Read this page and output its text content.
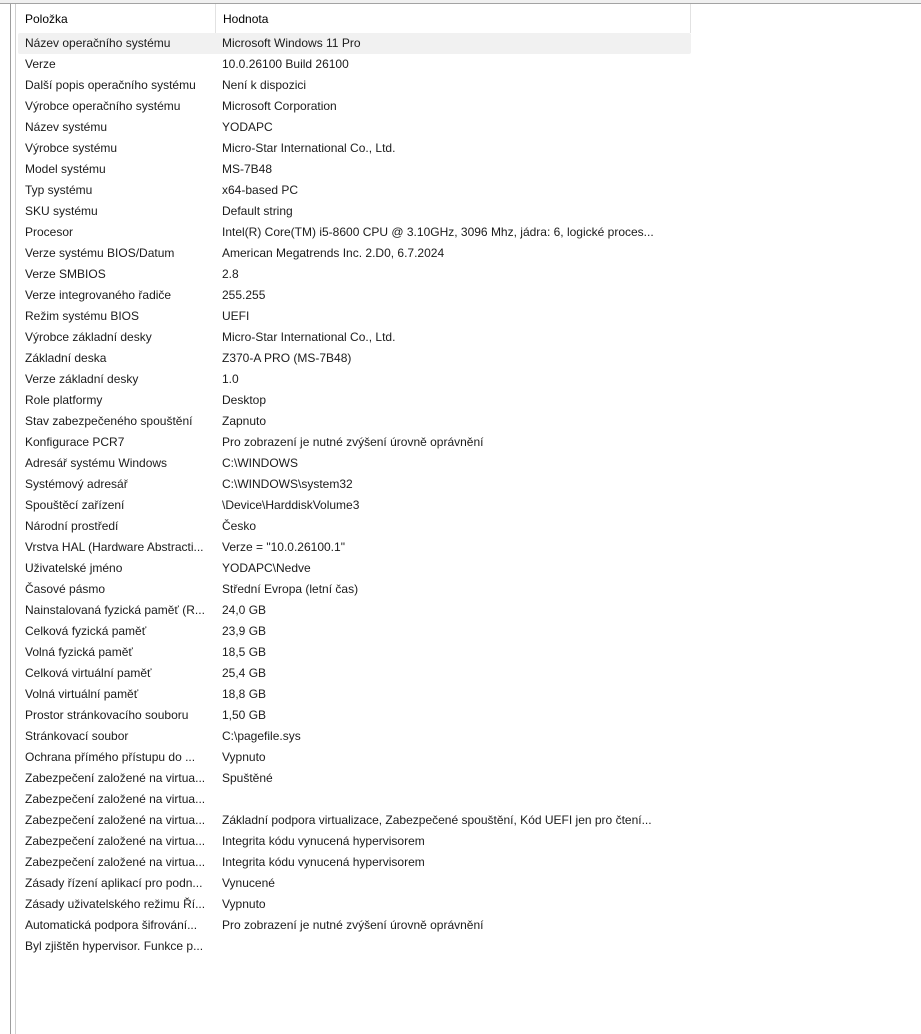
Položka	Hodnota
Název operačního systému	Microsoft Windows 11 Pro
Verze	10.0.26100 Build 26100
Další popis operačního systému	Není k dispozici
Výrobce operačního systému	Microsoft Corporation
Název systému	YODAPC
Výrobce systému	Micro-Star International Co., Ltd.
Model systému	MS-7B48
Typ systému	x64-based PC
SKU systému	Default string
Procesor	Intel(R) Core(TM) i5-8600 CPU @ 3.10GHz, 3096 Mhz, jádra: 6, logické proces...
Verze systému BIOS/Datum	American Megatrends Inc. 2.D0, 6.7.2024
Verze SMBIOS	2.8
Verze integrovaného řadiče	255.255
Režim systému BIOS	UEFI
Výrobce základní desky	Micro-Star International Co., Ltd.
Základní deska	Z370-A PRO (MS-7B48)
Verze základní desky	1.0
Role platformy	Desktop
Stav zabezpečeného spouštění	Zapnuto
Konfigurace PCR7	Pro zobrazení je nutné zvýšení úrovně oprávnění
Adresář systému Windows	C:\WINDOWS
Systémový adresář	C:\WINDOWS\system32
Spouštěcí zařízení	\Device\HarddiskVolume3
Národní prostředí	Česko
Vrstva HAL (Hardware Abstracti...	Verze = "10.0.26100.1"
Uživatelské jméno	YODAPC\Nedve
Časové pásmo	Střední Evropa (letní čas)
Nainstalovaná fyzická paměť (R...	24,0 GB
Celková fyzická paměť	23,9 GB
Volná fyzická paměť	18,5 GB
Celková virtuální paměť	25,4 GB
Volná virtuální paměť	18,8 GB
Prostor stránkovacího souboru	1,50 GB
Stránkovací soubor	C:\pagefile.sys
Ochrana přímého přístupu do ...	Vypnuto
Zabezpečení založené na virtua...	Spuštěné
Zabezpečení založené na virtua...
Zabezpečení založené na virtua...	Základní podpora virtualizace, Zabezpečené spouštění, Kód UEFI jen pro čtení...
Zabezpečení založené na virtua...	Integrita kódu vynucená hypervisorem
Zabezpečení založené na virtua...	Integrita kódu vynucená hypervisorem
Zásady řízení aplikací pro podn...	Vynucené
Zásady uživatelského režimu Ří...	Vypnuto
Automatická podpora šifrování...	Pro zobrazení je nutné zvýšení úrovně oprávnění
Byl zjištěn hypervisor. Funkce p...
